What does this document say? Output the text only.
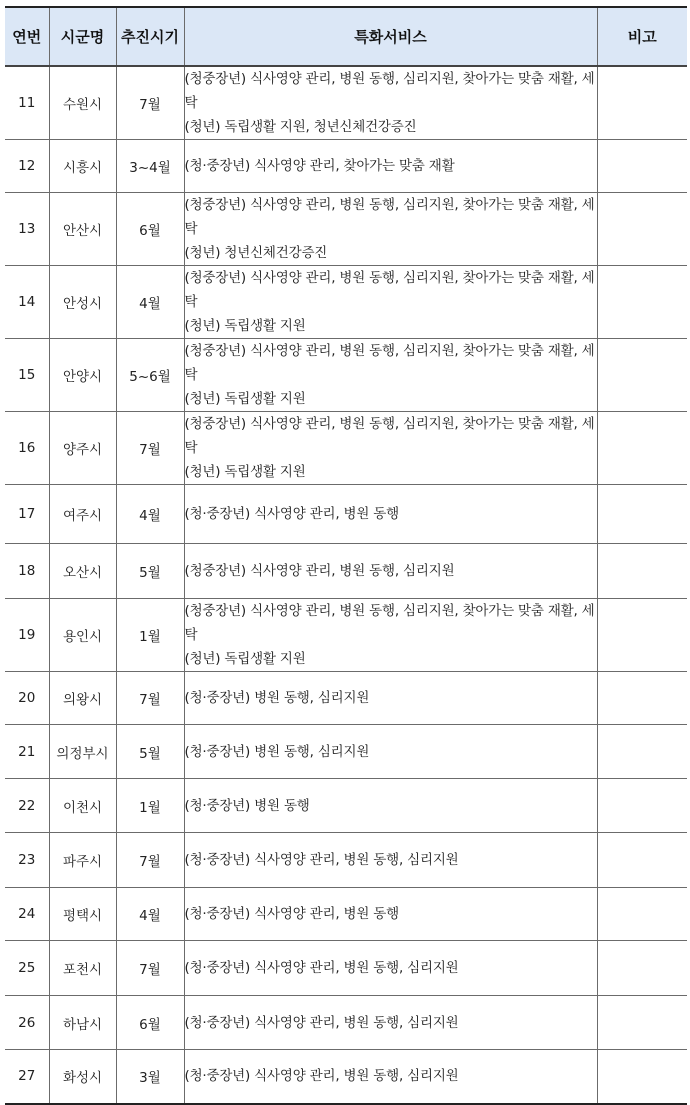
연번	시군명	추진시기	특화서비스	비고
11	수원시	7월	(청중장년) 식사영양 관리, 병원 동행, 심리지원, 찾아가는 맞춤 재활, 세탁
(청년) 독립생활 지원, 청년신체건강증진	

12	시흥시	3~4월	(청·중장년) 식사영양 관리, 찾아가는 맞춤 재활	

13	안산시	6월	(청중장년) 식사영양 관리, 병원 동행, 심리지원, 찾아가는 맞춤 재활, 세탁
(청년) 청년신체건강증진	

14	안성시	4월	(청중장년) 식사영양 관리, 병원 동행, 심리지원, 찾아가는 맞춤 재활, 세탁
(청년) 독립생활 지원	

15	안양시	5~6월	(청중장년) 식사영양 관리, 병원 동행, 심리지원, 찾아가는 맞춤 재활, 세탁
(청년) 독립생활 지원	

16	양주시	7월	(청중장년) 식사영양 관리, 병원 동행, 심리지원, 찾아가는 맞춤 재활, 세탁
(청년) 독립생활 지원	

17	여주시	4월	(청·중장년) 식사영양 관리, 병원 동행	

18	오산시	5월	(청중장년) 식사영양 관리, 병원 동행, 심리지원	

19	용인시	1월	(청중장년) 식사영양 관리, 병원 동행, 심리지원, 찾아가는 맞춤 재활, 세탁
(청년) 독립생활 지원	

20	의왕시	7월	(청·중장년) 병원 동행, 심리지원	

21	의정부시	5월	(청·중장년) 병원 동행, 심리지원	

22	이천시	1월	(청·중장년) 병원 동행	

23	파주시	7월	(청·중장년) 식사영양 관리, 병원 동행, 심리지원	

24	평택시	4월	(청·중장년) 식사영양 관리, 병원 동행	

25	포천시	7월	(청·중장년) 식사영양 관리, 병원 동행, 심리지원	

26	하남시	6월	(청·중장년) 식사영양 관리, 병원 동행, 심리지원	

27	화성시	3월	(청·중장년) 식사영양 관리, 병원 동행, 심리지원	
